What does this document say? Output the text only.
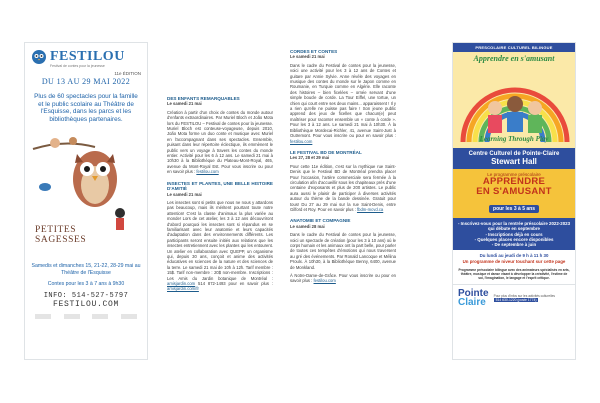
FESTILOU
Festival de contes pour la jeunesse
11e ÉDITION
DU 13 AU 29 MAI 2022
Plus de 60 spectacles pour la famille et le public scolaire au Théâtre de l'Esquisse, dans les parcs et les bibliothèques partenaires.
PETITES
SAGESSES
Samedis et dimanches 15, 21-22, 28-29 mai au Théâtre de l'Esquisse
Contes pour les 3 à 7 ans à 9h30
INFO: 514-527-5797
FESTILOU.COM
DES ENFANTS REMARQUABLES
Le samedi 21 mai

Création à partir d'un choix de contes du monde autour d'enfants extraordinaires. Par Muriel Bloch et João Mota lors du FESTILOU – Festival de contes pour la jeunesse. Muriel Bloch est conteuse-voyageuse, depuis 2010, João Mota forme un duo conte et musique avec Muriel en l'accompagnant dans ses spectacles. Ensemble, puisant dans leur répertoire éclectique, ils emmènent le public vers un voyage à travers les contes du monde entier. Activité pour les 6 à 12 ans. Le samedi 21 mai à 10h30 à la Bibliothèque du Plateau-Mont-Royal, 465, avenue du Mont-Royal Est. Pour vous inscrire ou pour en savoir plus : festilou.com

INSECTES ET PLANTES, UNE BELLE HISTOIRE D'AMITIÉ
Le samedi 21 mai

Les insectes sont si petits que nous ne nous y attardons pas beaucoup, mais ils méritent pourtant toute notre attention! C'est la classe d'animaux la plus variée au monde! Lors de cet atelier, les 3 à 12 ans découvriront d'abord pourquoi les insectes sont si répandus en se familiarisant avec leur anatomie et leurs capacités d'adaptation dans des environnements différents. Les participants seront ensuite initiés aux relations que les insectes entretiennent avec les plantes qui les entourent. Un atelier en collaboration avec QUEPP, un organisme qui, depuis 30 ans, conçoit et anime des activités éducatives en sciences de la nature et des sciences de la terre. Le samedi 21 mai de 10h à 12h. Tarif membre : 15$. Tarif non-membre : 20$ non-membre. Inscriptions : Les Amis du Jardin botanique de Montréal : amisjardin.com 514 872-1493 pour en savoir plus : amisjardin.com/fr

CORDES ET CONTES
Le samedi 21 mai

Dans le cadre du Festival de contes pour la jeunesse, voici une activité pour les 3 à 12 ans de Contes et guitare par Annie Sylvie. Anne révèle des voyages en musique des contes du monde sur le Japon comme en Roumanie, en Turquie comme en Algérie. Elle raconte des histoires – bien ficelées – ornée servant d'une simple boucle de corde. La Tour Eiffel, une tortue, un chien qui court entre ses deux mains... apparaissent ! Il y a rien qu'elle ne puisse pas faire ! Son jeune public apprend des jeux de ficelles que chacun(e) peut maîtriser pour raconter ensemble un « conte à corde ». Pour les 3 à 12 ans. Le samedi 21 mai à 10h30. À la Bibliothèque Mordecai-Richler, 41, avenue Saint-Just à Outremont. Pour vous inscrire ou pour en savoir plus : festilou.com

LE FESTIVAL BD DE MONTRÉAL
Les 27, 28 et 29 mai

Pour cette 11e édition, c'est sur la mythique rue Saint-Denis que le Festival BD de Montréal prendra place! Pour l'occasion, l'artère commerciale sera fermée à la circulation afin d'accueillir sous les chapiteaux près d'une centaine d'exposants et plus de 200 artistes. Le public aura aussi le plaisir de participer à diverses activités autour du thème de la bande dessinée. Gratuit pour tous! Du 27 au 29 mai sur la rue Saint-Denis, entre Gilford et Roy. Pour en savoir plus : fbdm-mcvd.ca

ANATOMIE ET COMPAGNIE
Le samedi 28 mai

Dans le cadre du Festival de contes pour la jeunesse, voici un spectacle de création (pour les 3 à 10 ans) où le corps humain et les animaux ont la part belle, pour parler de toutes ces tempêtes d'émotions qui nous traversent au gré des événements. Par Ronald Lancoque et Mélina Proulx. À 10h30, à la Bibliothèque Benny, 6400, avenue de Monkland.

À Notre-Dame-de-Grâce. Pour vous inscrire ou pour en savoir plus : festilou.com

PRESCOLAIRE CULTUREL BILINGUE
Apprendre en s'amusant
Learning Through Play
Centre Culturel de Pointe-Claire
Stewart Hall
Le programme préscolaire
APPRENDRE
EN S'AMUSANT
pour les 3 à 5 ans
- Inscrivez-vous pour la rentrée préscolaire 2022-2023 qui débute en septembre
- Inscriptions déjà en cours
- Quelques places encore disponibles
- De septembre à juin
Du lundi au jeudi de 9 h à 11 h 30
Un programme de niveur touchant sur cette page
Programme préscolaire bilingue avec des animateurs spécialisés en arts, théâtre, musique et danse visant à développer la créativité, l'estime de soi, l'imagination, le langage et l'esprit critique.
Pointe
Claire
Pour plus d'infos sur les activités culturelles
514 630-1220 (poste 1774)
